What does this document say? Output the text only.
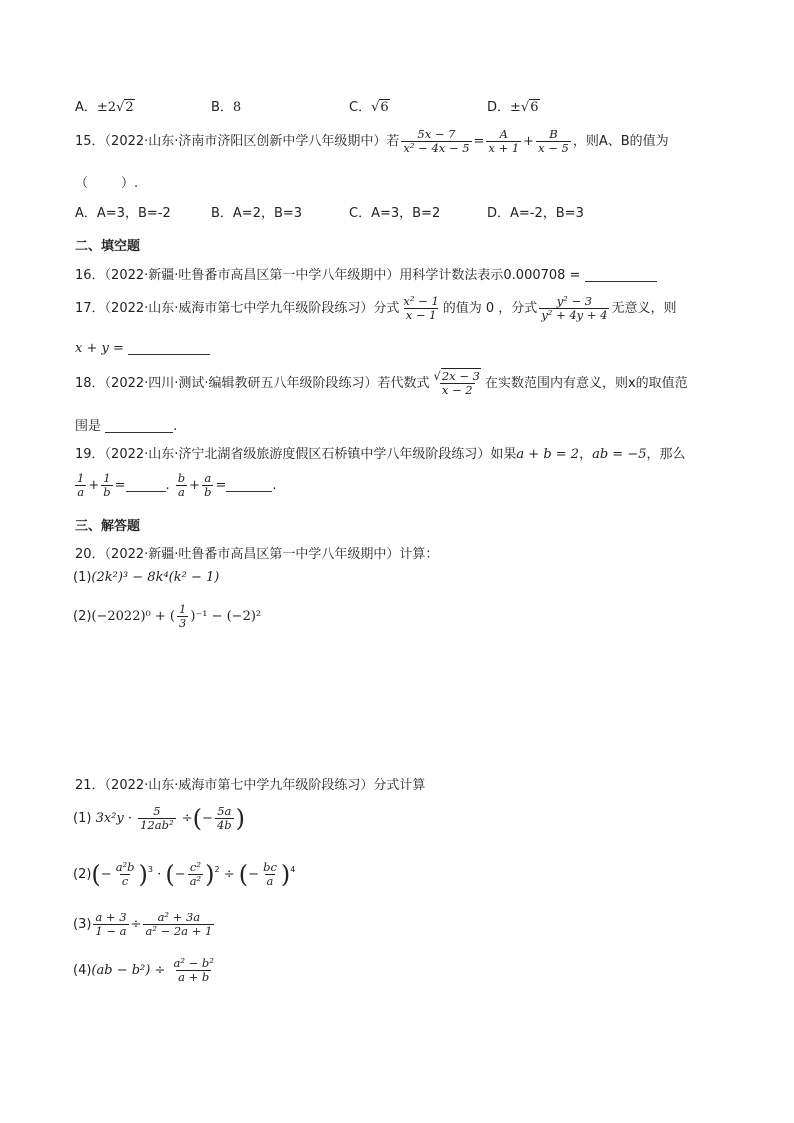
A．±2√2	B．8	C．√6	D．±√6
15．（2022·山东·济南市济阳区创新中学八年级期中）若 $\frac{5x - 7}{\text{x² − 4x − 5}} = \frac{A}{x + 1} + \frac{B}{x - 5}$ ，则A、B的值为
（        ）.
A．A=3，B=-2	B．A=2，B=3	C．A=3，B=2	D．A=-2，B=3
二、填空题
16．（2022·新疆·吐鲁番市高昌区第一中学八年级期中）用科学计数法表示0.000708 =
17．（2022·山东·威海市第七中学九年级阶段练习）分式 $\frac{\text{x² − 1}}{x - 1}$ 的值为 0 ，分式 $\frac{\text{y² − 3}}{\text{y² + 4y + 4}}$ 无意义，则
x + y =
18．（2022·四川·测试·编辑教研五八年级阶段练习）若代数式 $\frac{√2x - 3}{x - 2}$ 在实数范围内有意义，则x的取值范
围是	.
19．（2022·山东·济宁北湖省级旅游度假区石桥镇中学八年级阶段练习）如果a + b = 2，ab = −5，那么
$\frac{1}{a} + \frac{1}{b}$ =	. $\frac{b}{a} + \frac{a}{b}$ =	.
三、解答题
20．（2022·新疆·吐鲁番市高昌区第一中学八年级期中）计算：
(1)(2k²)³ − 8k⁴(k² − 1)
(2)(−2022)⁰ + ( $\frac{1}{3} )^{-1} - (-2)^2$
21．（2022·山东·威海市第七中学九年级阶段练习）分式计算
(1) $3x^2y \cdot \frac{5}{\text{12ab²}}$ ÷(− $\frac{5a}{4b}$ )
$(2)(- \frac{\text{a²b}}{c} )^3$ · (− $\frac{\text{c²}}{\text{a²}} )^2$ ÷ (− $\frac{bc}{a} )^4$
$(3) \frac{a + 3}{1 - a} \div \frac{\text{a² + 3a}}{\text{a² − 2a + 1}}$
$(4)(ab - b^2) \div \frac{\text{a² − b²}}{a + b}$
